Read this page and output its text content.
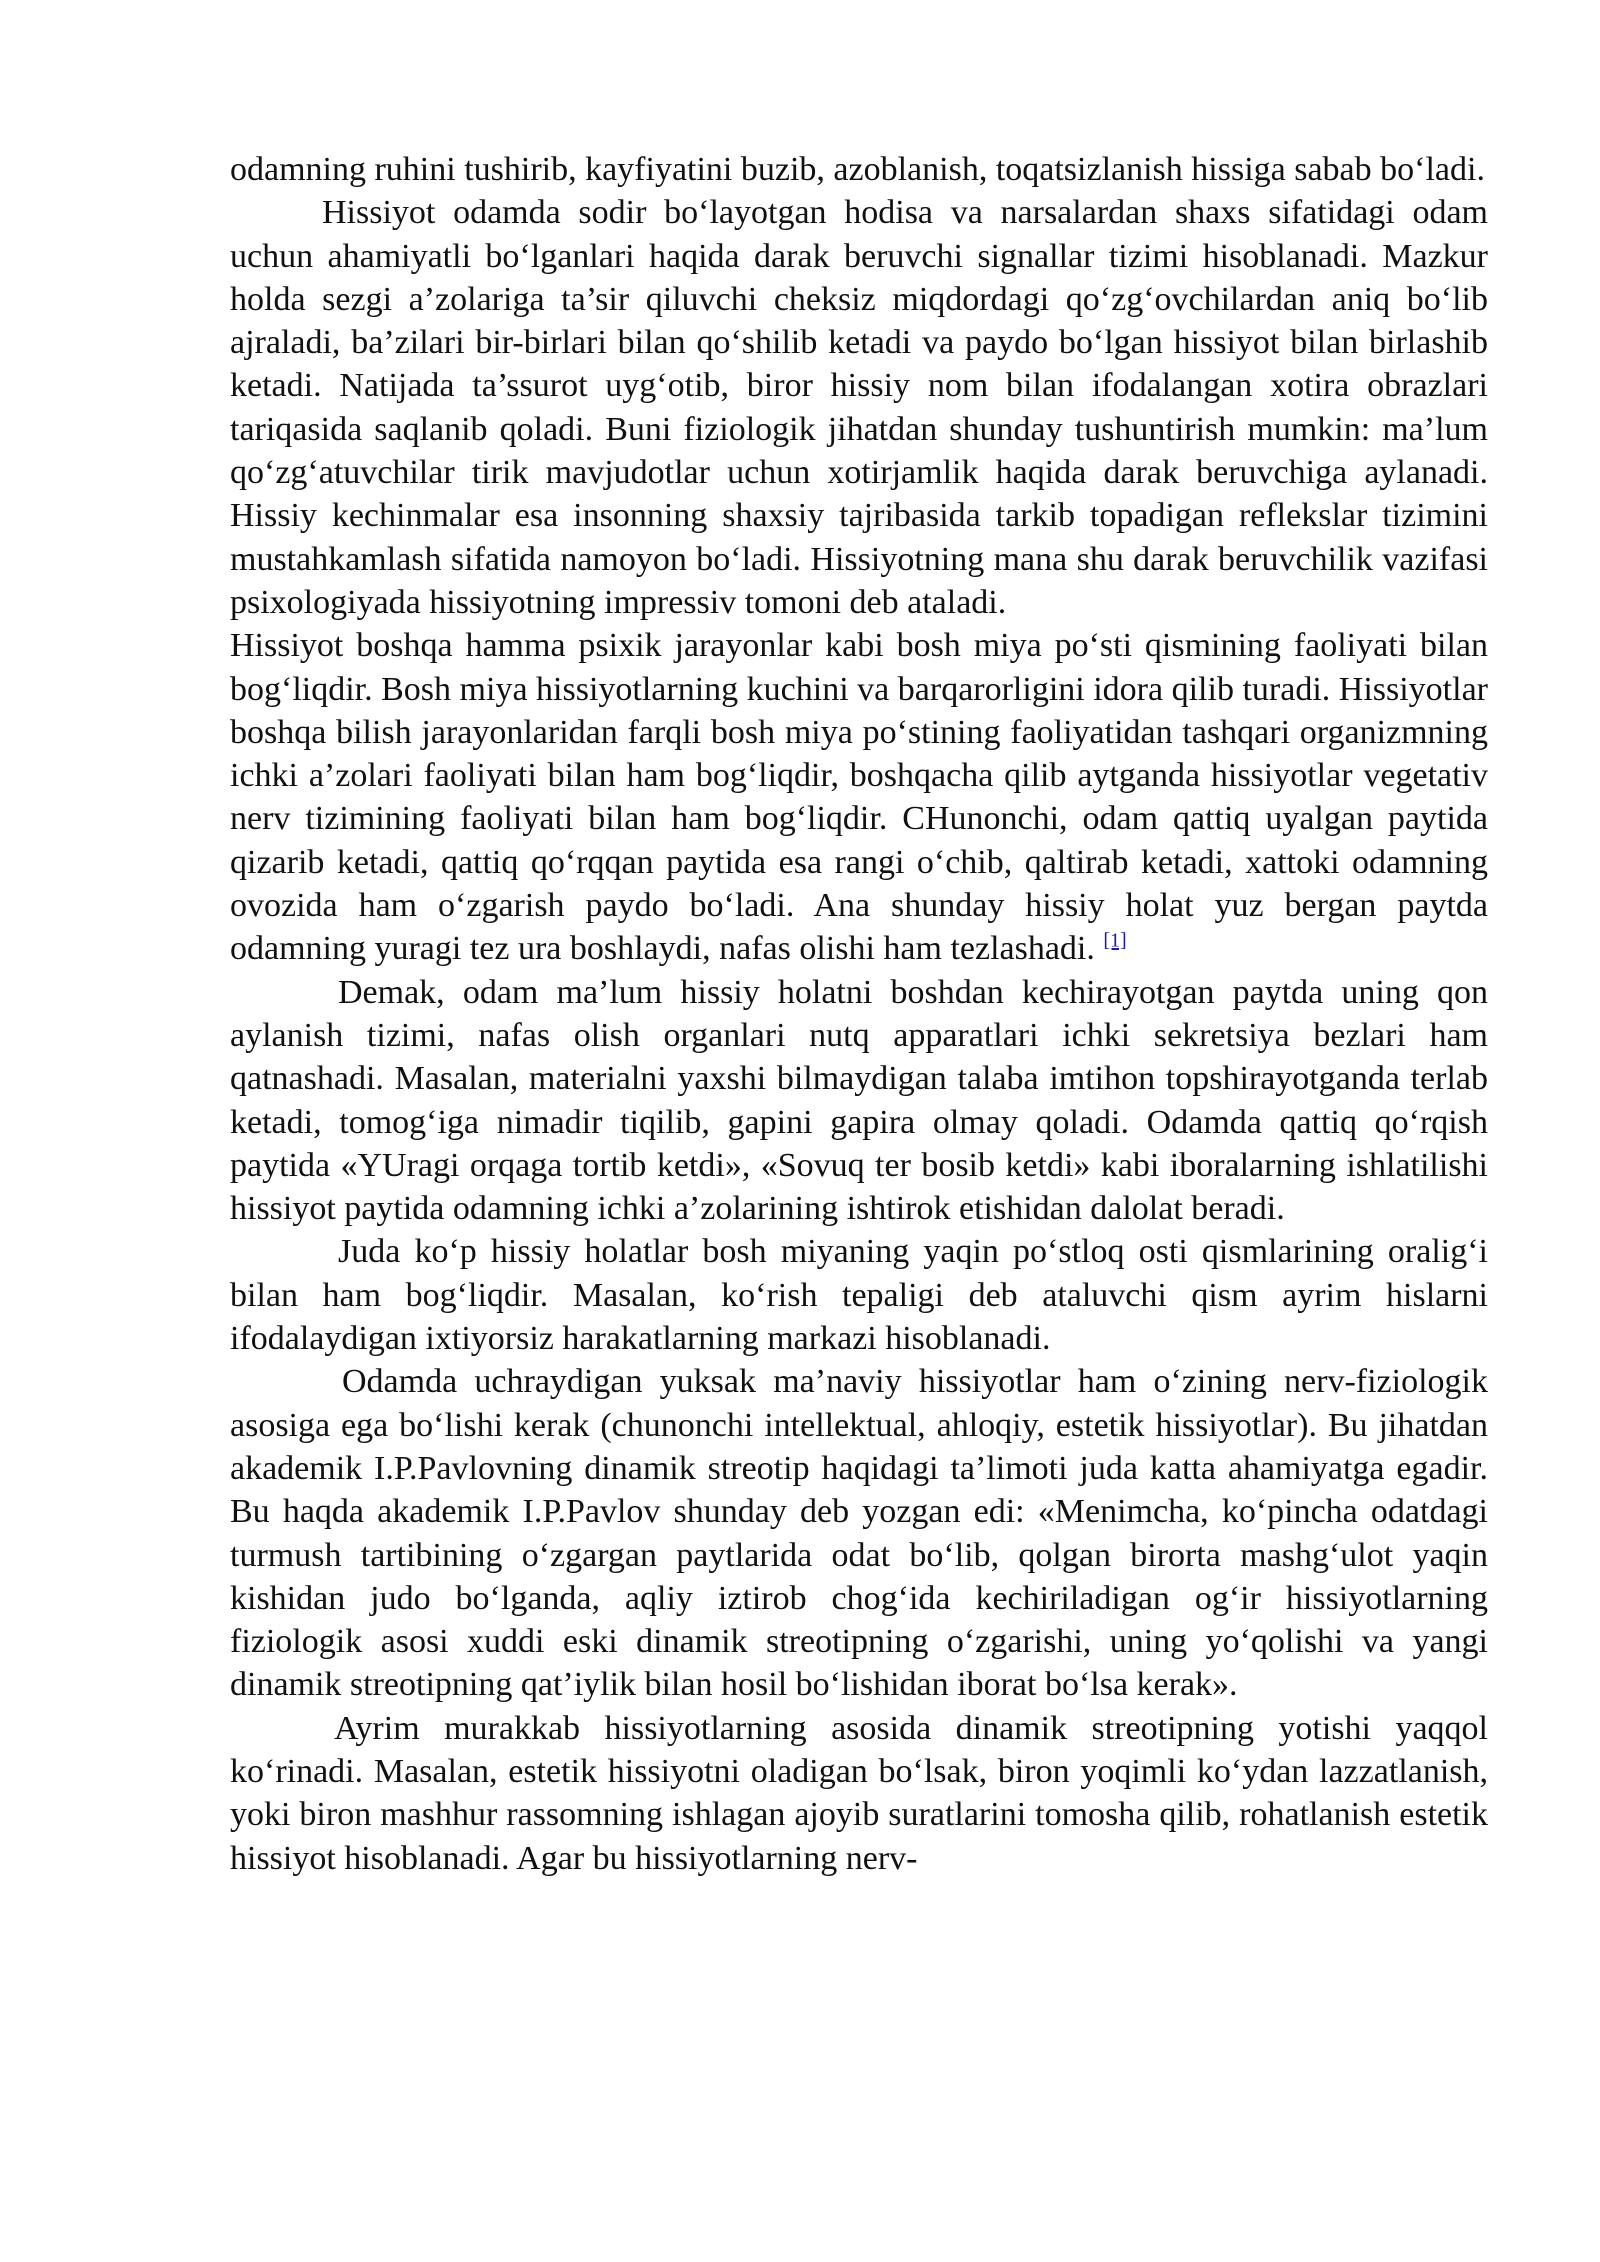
odamning ruhini tushirib, kayfiyatini buzib, azoblanish, toqatsizlanish hissiga sabab bo‘ladi.

Hissiyot odamda sodir bo‘layotgan hodisa va narsalardan shaxs sifatidagi odam uchun ahamiyatli bo‘lganlari haqida darak beruvchi signallar tizimi hisoblanadi. Mazkur holda sezgi a’zolariga ta’sir qiluvchi cheksiz miqdordagi qo‘zg‘ovchilardan aniq bo‘lib ajraladi, ba’zilari bir-birlari bilan qo‘shilib ketadi va paydo bo‘lgan hissiyot bilan birlashib ketadi. Natijada ta’ssurot uyg‘otib, biror hissiy nom bilan ifodalangan xotira obrazlari tariqasida saqlanib qoladi. Buni fiziologik jihatdan shunday tushuntirish mumkin: ma’lum qo‘zg‘atuvchilar tirik mavjudotlar uchun xotirjamlik haqida darak beruvchiga aylanadi. Hissiy kechinmalar esa insonning shaxsiy tajribasida tarkib topadigan reflekslar tizimini mustahkamlash sifatida namoyon bo‘ladi. Hissiyotning mana shu darak beruvchilik vazifasi psixologiyada hissiyotning impressiv tomoni deb ataladi.

Hissiyot boshqa hamma psixik jarayonlar kabi bosh miya po‘sti qismining faoliyati bilan bog‘liqdir. Bosh miya hissiyotlarning kuchini va barqarorligini idora qilib turadi. Hissiyotlar boshqa bilish jarayonlaridan farqli bosh miya po‘stining faoliyatidan tashqari organizmning ichki a’zolari faoliyati bilan ham bog‘liqdir, boshqacha qilib aytganda hissiyotlar vegetativ nerv tizimining faoliyati bilan ham bog‘liqdir. CHunonchi, odam qattiq uyalgan paytida qizarib ketadi, qattiq qo‘rqqan paytida esa rangi o‘chib, qaltirab ketadi, xattoki odamning ovozida ham o‘zgarish paydo bo‘ladi. Ana shunday hissiy holat yuz bergan paytda odamning yuragi tez ura boshlaydi, nafas olishi ham tezlashadi. [1]

Demak, odam ma’lum hissiy holatni boshdan kechirayotgan paytda uning qon aylanish tizimi, nafas olish organlari nutq apparatlari ichki sekretsiya bezlari ham qatnashadi. Masalan, materialni yaxshi bilmaydigan talaba imtihon topshirayotganda terlab ketadi, tomog‘iga nimadir tiqilib, gapini gapira olmay qoladi. Odamda qattiq qo‘rqish paytida «YUragi orqaga tortib ketdi», «Sovuq ter bosib ketdi» kabi iboralarning ishlatilishi hissiyot paytida odamning ichki a’zolarining ishtirok etishidan dalolat beradi.

Juda ko‘p hissiy holatlar bosh miyaning yaqin po‘stloq osti qismlarining oralig‘i bilan ham bog‘liqdir. Masalan, ko‘rish tepaligi deb ataluvchi qism ayrim hislarni ifodalaydigan ixtiyorsiz harakatlarning markazi hisoblanadi.

Odamda uchraydigan yuksak ma’naviy hissiyotlar ham o‘zining nerv-fiziologik asosiga ega bo‘lishi kerak (chunonchi intellektual, ahloqiy, estetik hissiyotlar). Bu jihatdan akademik I.P.Pavlovning dinamik streotip haqidagi ta’limoti juda katta ahamiyatga egadir. Bu haqda akademik I.P.Pavlov shunday deb yozgan edi: «Menimcha, ko‘pincha odatdagi turmush tartibining o‘zgargan paytlarida odat bo‘lib, qolgan birorta mashg‘ulot yaqin kishidan judo bo‘lganda, aqliy iztirob chog‘ida kechiriladigan og‘ir hissiyotlarning fiziologik asosi xuddi eski dinamik streotipning o‘zgarishi, uning yo‘qolishi va yangi dinamik streotipning qat’iylik bilan hosil bo‘lishidan iborat bo‘lsa kerak».

Ayrim murakkab hissiyotlarning asosida dinamik streotipning yotishi yaqqol ko‘rinadi. Masalan, estetik hissiyotni oladigan bo‘lsak, biron yoqimli ko‘ydan lazzatlanish, yoki biron mashhur rassomning ishlagan ajoyib suratlarini tomosha qilib, rohatlanish estetik hissiyot hisoblanadi. Agar bu hissiyotlarning nerv-
